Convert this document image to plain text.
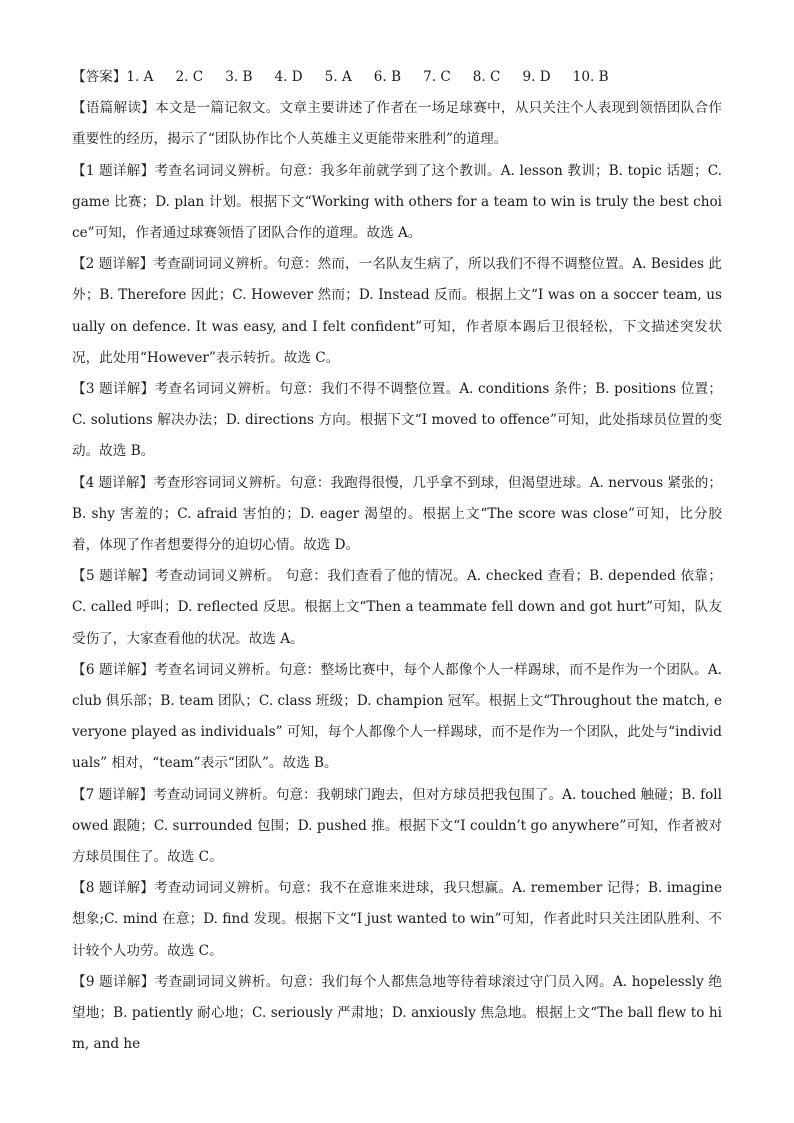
【答案】1. A 2. C 3. B 4. D 5. A 6. B 7. C 8. C 9. D 10. B

【语篇解读】本文是一篇记叙文。文章主要讲述了作者在一场足球赛中，从只关注个人表现到领悟团队合作重要性的经历，揭示了“团队协作比个人英雄主义更能带来胜利”的道理。

【1 题详解】考查名词词义辨析。句意：我多年前就学到了这个教训。A. lesson 教训；B. topic 话题；C. game 比赛；D. plan 计划。根据下文“Working with others for a team to win is truly the best choice”可知，作者通过球赛领悟了团队合作的道理。故选 A。

【2 题详解】考查副词词义辨析。句意：然而，一名队友生病了，所以我们不得不调整位置。A. Besides 此外；B. Therefore 因此；C. However 然而；D. Instead 反而。根据上文“I was on a soccer team, usually on defence. It was easy, and I felt confident”可知，作者原本踢后卫很轻松，下文描述突发状况，此处用“However”表示转折。故选 C。

【3 题详解】考查名词词义辨析。句意：我们不得不调整位置。A. conditions 条件；B. positions 位置；C. solutions 解决办法；D. directions 方向。根据下文“I moved to offence”可知，此处指球员位置的变动。故选 B。

【4 题详解】考查形容词词义辨析。句意：我跑得很慢，几乎拿不到球，但渴望进球。A. nervous 紧张的；B. shy 害羞的；C. afraid 害怕的；D. eager 渴望的。根据上文“The score was close”可知，比分胶着，体现了作者想要得分的迫切心情。故选 D。

【5 题详解】考查动词词义辨析。 句意：我们查看了他的情况。A. checked 查看；B. depended 依靠；C. called 呼叫；D. reflected 反思。根据上文“Then a teammate fell down and got hurt”可知，队友受伤了，大家查看他的状况。故选 A。

【6 题详解】考查名词词义辨析。句意：整场比赛中，每个人都像个人一样踢球，而不是作为一个团队。A. club 俱乐部；B. team 团队；C. class 班级；D. champion 冠军。根据上文“Throughout the match, everyone played as individuals” 可知，每个人都像个人一样踢球，而不是作为一个团队，此处与“individuals” 相对，“team”表示“团队”。故选 B。

【7 题详解】考查动词词义辨析。句意：我朝球门跑去，但对方球员把我包围了。A. touched 触碰；B. followed 跟随；C. surrounded 包围；D. pushed 推。根据下文“I couldn’t go anywhere”可知，作者被对方球员围住了。故选 C。

【8 题详解】考查动词词义辨析。句意：我不在意谁来进球，我只想赢。A. remember 记得；B. imagine 想象;C. mind 在意；D. find 发现。根据下文“I just wanted to win”可知，作者此时只关注团队胜利、不计较个人功劳。故选 C。

【9 题详解】考查副词词义辨析。句意：我们每个人都焦急地等待着球滚过守门员入网。A. hopelessly 绝望地；B. patiently 耐心地；C. seriously 严肃地；D. anxiously 焦急地。根据上文“The ball flew to him, and he
